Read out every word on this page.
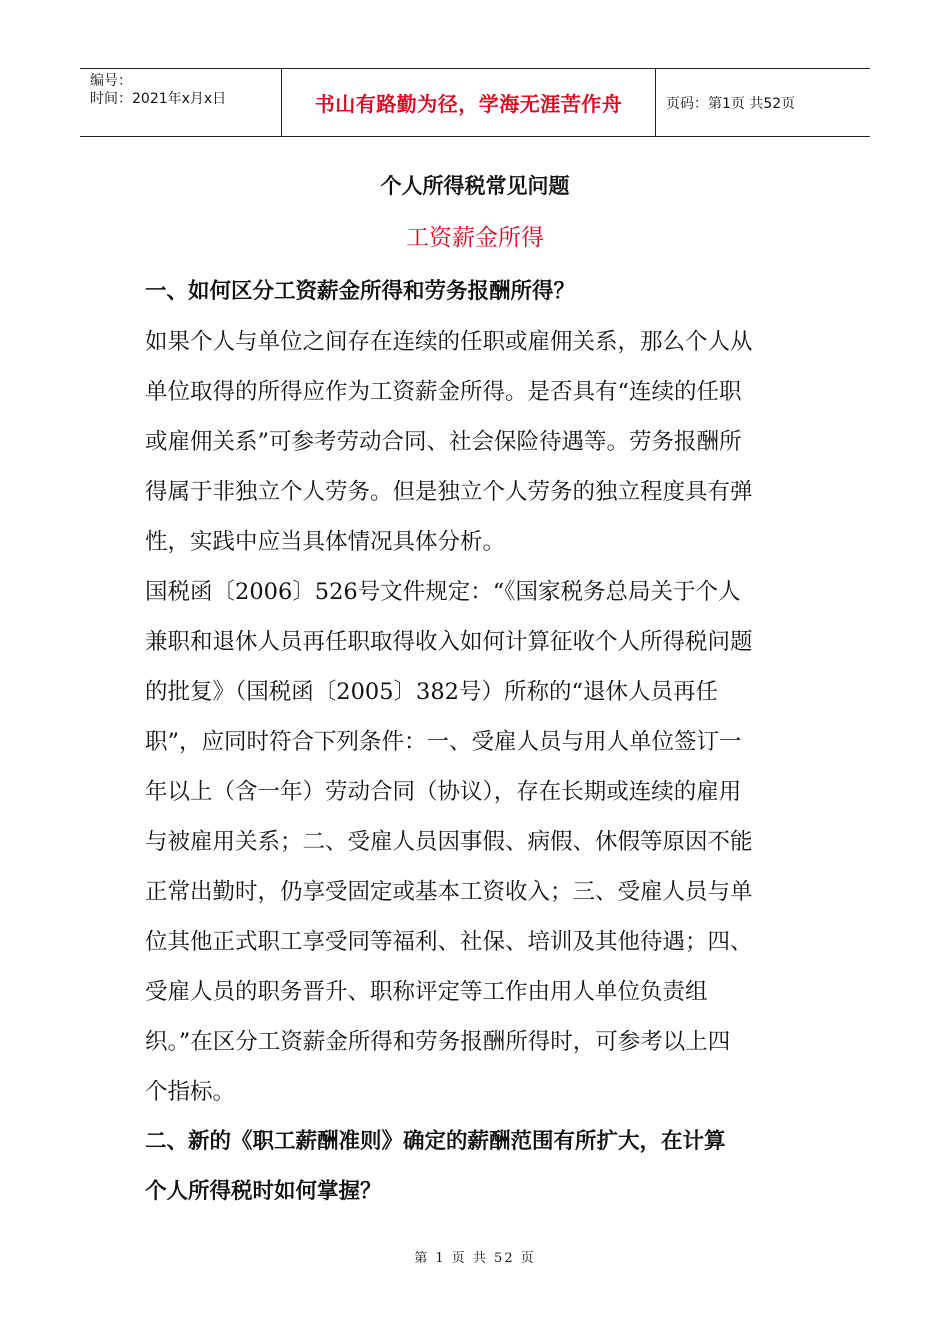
编号：
时间：2021年x月x日	书山有路勤为径，学海无涯苦作舟	页码：第1页 共52页
个人所得税常见问题
工资薪金所得
一、如何区分工资薪金所得和劳务报酬所得？
如果个人与单位之间存在连续的任职或雇佣关系，那么个人从
单位取得的所得应作为工资薪金所得。是否具有“连续的任职
或雇佣关系”可参考劳动合同、社会保险待遇等。劳务报酬所
得属于非独立个人劳务。但是独立个人劳务的独立程度具有弹
性，实践中应当具体情况具体分析。
国税函〔2006〕526号文件规定：“《国家税务总局关于个人
兼职和退休人员再任职取得收入如何计算征收个人所得税问题
的批复》（国税函〔2005〕382号）所称的“退休人员再任
职”，应同时符合下列条件：一、受雇人员与用人单位签订一
年以上（含一年）劳动合同（协议），存在长期或连续的雇用
与被雇用关系；二、受雇人员因事假、病假、休假等原因不能
正常出勤时，仍享受固定或基本工资收入；三、受雇人员与单
位其他正式职工享受同等福利、社保、培训及其他待遇；四、
受雇人员的职务晋升、职称评定等工作由用人单位负责组
织。”在区分工资薪金所得和劳务报酬所得时，可参考以上四
个指标。
二、新的《职工薪酬准则》确定的薪酬范围有所扩大，在计算
个人所得税时如何掌握？
第 1 页 共 52 页
